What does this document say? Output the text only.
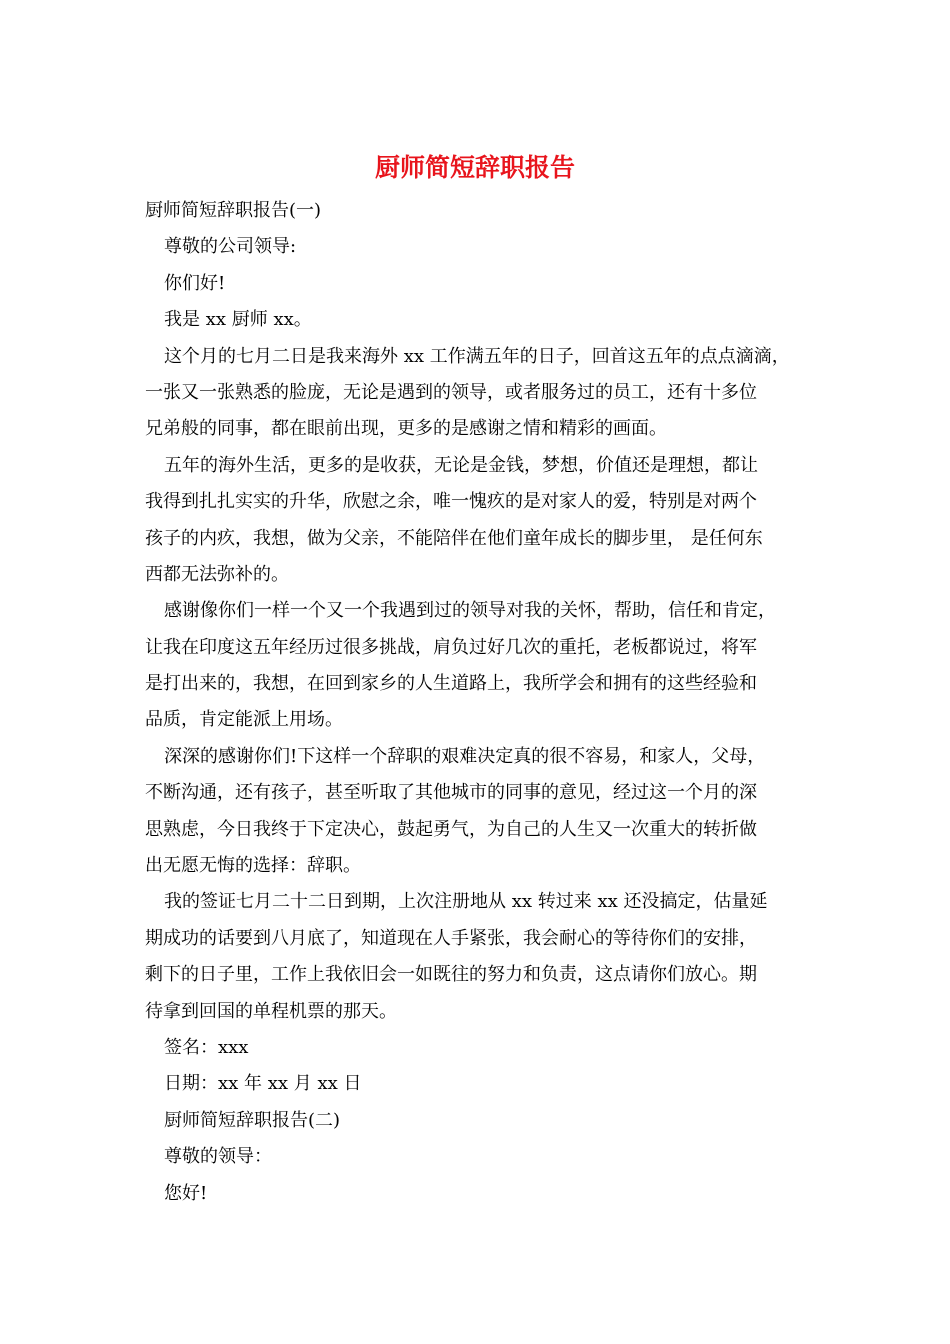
厨师简短辞职报告
厨师简短辞职报告(一)
尊敬的公司领导:
你们好!
我是 xx 厨师 xx。
这个月的七月二日是我来海外 xx 工作满五年的日子，回首这五年的点点滴滴，
一张又一张熟悉的脸庞，无论是遇到的领导，或者服务过的员工，还有十多位
兄弟般的同事，都在眼前出现，更多的是感谢之情和精彩的画面。
五年的海外生活，更多的是收获，无论是金钱，梦想，价值还是理想，都让
我得到扎扎实实的升华，欣慰之余，唯一愧疚的是对家人的爱，特别是对两个
孩子的内疚，我想，做为父亲，不能陪伴在他们童年成长的脚步里， 是任何东
西都无法弥补的。
感谢像你们一样一个又一个我遇到过的领导对我的关怀，帮助，信任和肯定，
让我在印度这五年经历过很多挑战，肩负过好几次的重托，老板都说过，将军
是打出来的，我想，在回到家乡的人生道路上，我所学会和拥有的这些经验和
品质，肯定能派上用场。
深深的感谢你们!下这样一个辞职的艰难决定真的很不容易，和家人，父母，
不断沟通，还有孩子，甚至听取了其他城市的同事的意见，经过这一个月的深
思熟虑，今日我终于下定决心，鼓起勇气，为自己的人生又一次重大的转折做
出无愿无悔的选择：辞职。
我的签证七月二十二日到期，上次注册地从 xx 转过来 xx 还没搞定，估量延
期成功的话要到八月底了，知道现在人手紧张，我会耐心的等待你们的安排，
剩下的日子里，工作上我依旧会一如既往的努力和负责，这点请你们放心。期
待拿到回国的单程机票的那天。
签名：xxx
日期：xx 年 xx 月 xx 日
厨师简短辞职报告(二)
尊敬的领导：
您好!
